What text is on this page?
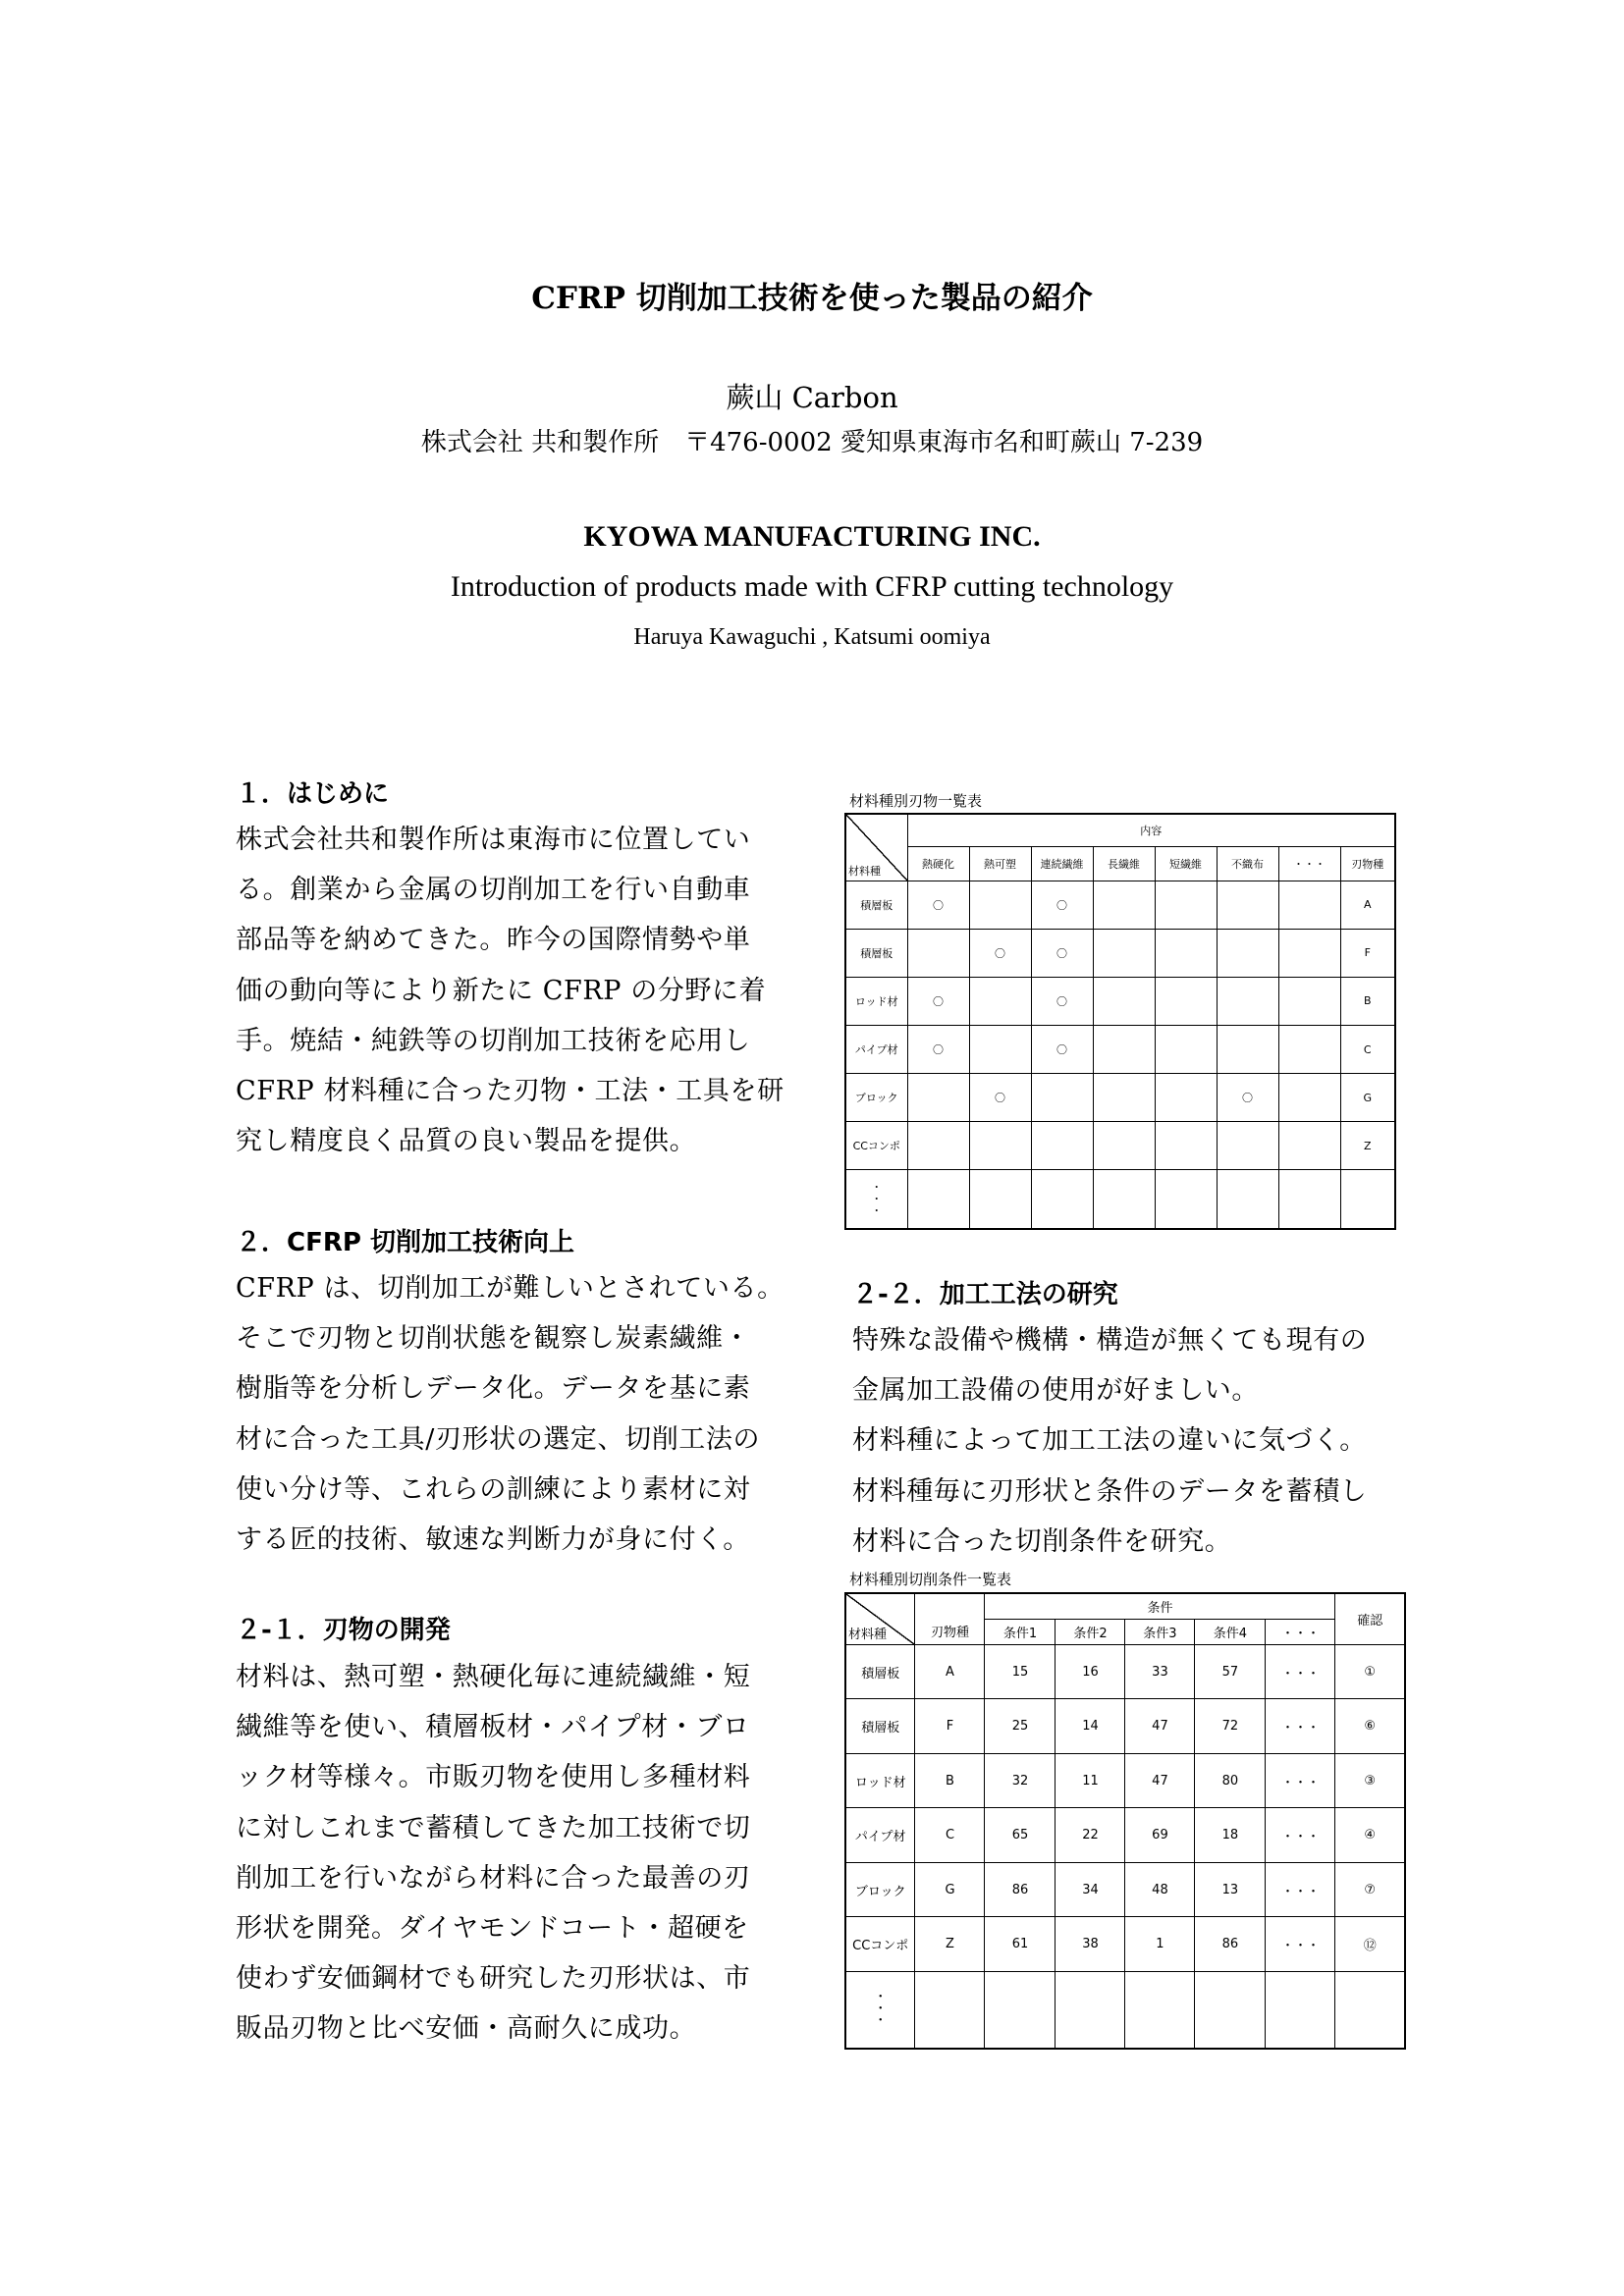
CFRP 切削加工技術を使った製品の紹介
蕨山 Carbon
株式会社 共和製作所　〒476-0002 愛知県東海市名和町蕨山 7-239
KYOWA MANUFACTURING INC.
Introduction of products made with CFRP cutting technology
Haruya Kawaguchi , Katsumi oomiya
１．はじめに
株式会社共和製作所は東海市に位置してい
る。創業から金属の切削加工を行い自動車
部品等を納めてきた。昨今の国際情勢や単
価の動向等により新たに CFRP の分野に着
手。焼結・純鉄等の切削加工技術を応用し
CFRP 材料種に合った刃物・工法・工具を研
究し精度良く品質の良い製品を提供。
２．CFRP 切削加工技術向上
CFRP は、切削加工が難しいとされている。
そこで刃物と切削状態を観察し炭素繊維・
樹脂等を分析しデータ化。データを基に素
材に合った工具/刃形状の選定、切削工法の
使い分け等、これらの訓練により素材に対
する匠的技術、敏速な判断力が身に付く。
２-１．刃物の開発
材料は、熱可塑・熱硬化毎に連続繊維・短
繊維等を使い、積層板材・パイプ材・ブロ
ック材等様々。市販刃物を使用し多種材料
に対しこれまで蓄積してきた加工技術で切
削加工を行いながら材料に合った最善の刃
形状を開発。ダイヤモンドコート・超硬を
使わず安価鋼材でも研究した刃形状は、市
販品刃物と比べ安価・高耐久に成功。
材料種別刃物一覧表
材料種	内容							
	熱硬化	熱可塑	連続繊維	長繊維	短繊維	不織布	・・・	刃物種
積層板	〇		〇					A
積層板		〇	〇					F
ロッド材	〇		〇					B
パイプ材	〇		〇					C
ブロック		〇				〇		G
CCコンポ								Z
・
・
・								
２-２．加工工法の研究
特殊な設備や機構・構造が無くても現有の
金属加工設備の使用が好ましい。
材料種によって加工工法の違いに気づく。
材料種毎に刃形状と条件のデータを蓄積し
材料に合った切削条件を研究。
材料種別切削条件一覧表
材料種	刃物種	条件					確認
		条件1	条件2	条件3	条件4	・・・	
積層板	A	15	16	33	57	・・・	①
積層板	F	25	14	47	72	・・・	⑥
ロッド材	B	32	11	47	80	・・・	③
パイプ材	C	65	22	69	18	・・・	④
ブロック	G	86	34	48	13	・・・	⑦
CCコンポ	Z	61	38	1	86	・・・	⑫
・
・
・							
